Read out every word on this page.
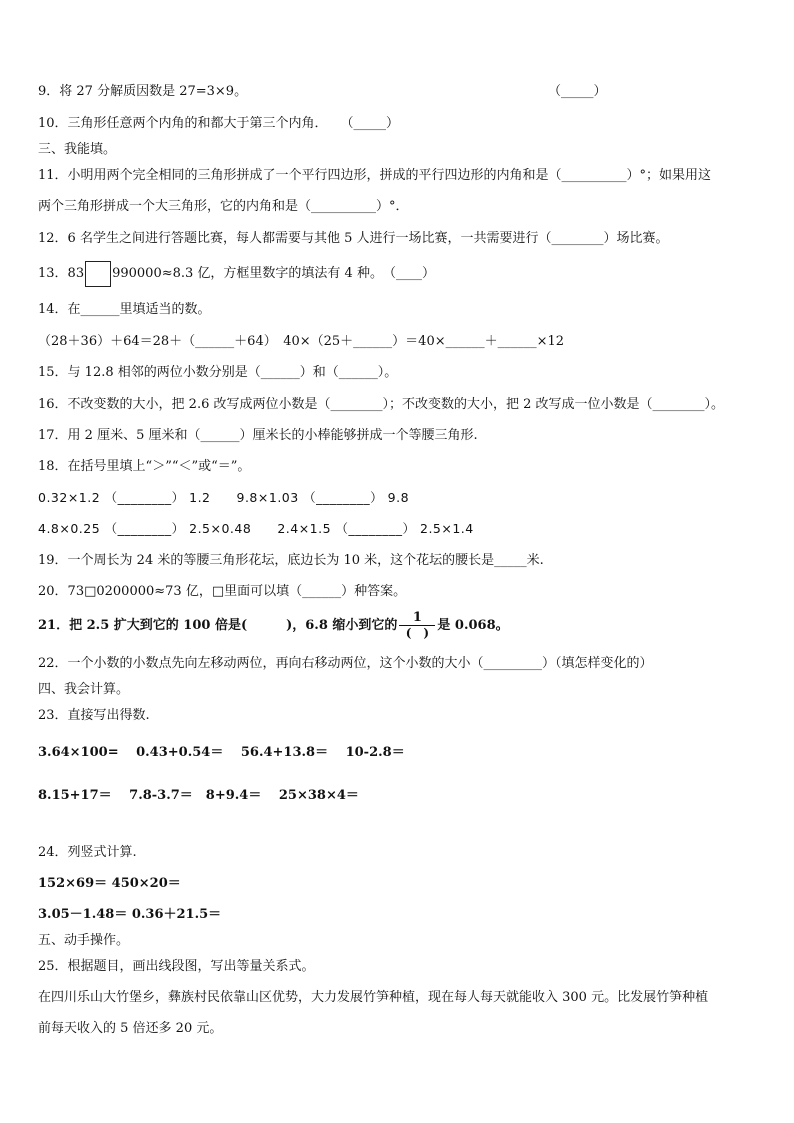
9．将 27 分解质因数是 27=3×9。	（_____）
10．三角形任意两个内角的和都大于第三个内角．　　（_____）
三、我能填。
11．小明用两个完全相同的三角形拼成了一个平行四边形，拼成的平行四边形的内角和是（__________）°；如果用这
两个三角形拼成一个大三角形，它的内角和是（__________）°．
12．6 名学生之间进行答题比赛，每人都需要与其他 5 人进行一场比赛，一共需要进行（________）场比赛。
13．83 990000≈8.3 亿，方框里数字的填法有 4 种。　（____）
14．在______里填适当的数。
（28＋36）＋64＝28＋（______＋64）　40×（25＋______）＝40×______＋______×12
15．与 12.8 相邻的两位小数分别是（______）和（______）。
16．不改变数的大小，把 2.6 改写成两位小数是（________）；不改变数的大小，把 2 改写成一位小数是（________）。
17．用 2 厘米、5 厘米和（______）厘米长的小棒能够拼成一个等腰三角形.
18．在括号里填上“＞”“＜”或“＝”。
0.32×1.2 （________） 1.2　　9.8×1.03 （________） 9.8
4.8×0.25 （________） 2.5×0.48　　2.4×1.5 （________） 2.5×1.4
19．一个周长为 24 米的等腰三角形花坛，底边长为 10 米，这个花坛的腰长是_____米.
20．73□0200000≈73 亿，□里面可以填（______）种答案。
21．把 2.5 扩大到它的 100 倍是(　　　)，6.8 缩小到它的 $\frac{1}{( )}$ 是 0.068。
22．一个小数的小数点先向左移动两位，再向右移动两位，这个小数的大小（_________）（填怎样变化的）
四、我会计算。
23．直接写出得数.
3.64×100=　 0.43+0.54＝　 56.4+13.8＝　 10-2.8＝
8.15+17＝　 7.8-3.7＝　8+9.4＝　 25×38×4＝
24．列竖式计算.
152×69＝ 450×20＝
3.05－1.48＝ 0.36＋21.5＝
五、动手操作。
25．根据题目，画出线段图，写出等量关系式。
在四川乐山大竹堡乡，彝族村民依靠山区优势，大力发展竹笋种植，现在每人每天就能收入 300 元。比发展竹笋种植
前每天收入的 5 倍还多 20 元。
